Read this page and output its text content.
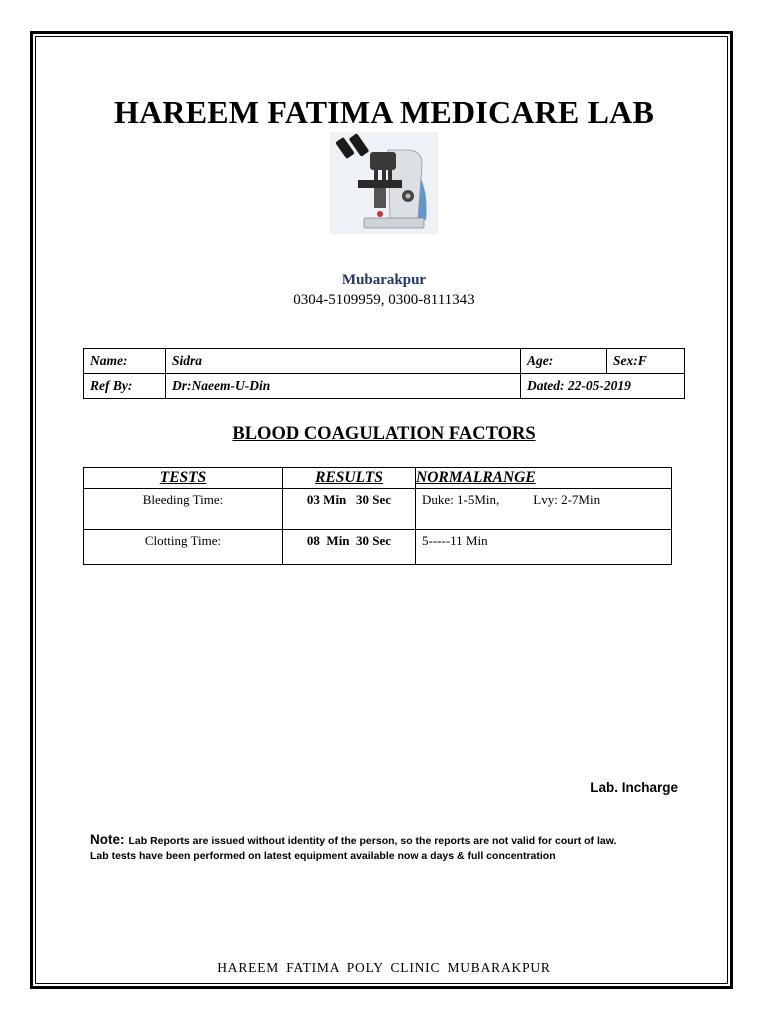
HAREEM FATIMA MEDICARE LAB
Mubarakpur
0304-5109959, 0300-8111343
Name:	Sidra	Age:	Sex:F
Ref By:	Dr:Naeem-U-Din	Dated: 22-05-2019	
BLOOD COAGULATION FACTORS
TESTS	RESULTS	NORMALRANGE
Bleeding Time:	03 Min   30 Sec	Duke: 1-5Min, Lvy: 2-7Min
Clotting Time:	08  Min  30 Sec	5-----11 Min
Lab. Incharge
Note: Lab Reports are issued without identity of the person, so the reports are not valid for court of law.
Lab tests have been performed on latest equipment available now a days & full concentration
HAREEM FATIMA POLY CLINIC MUBARAKPUR
